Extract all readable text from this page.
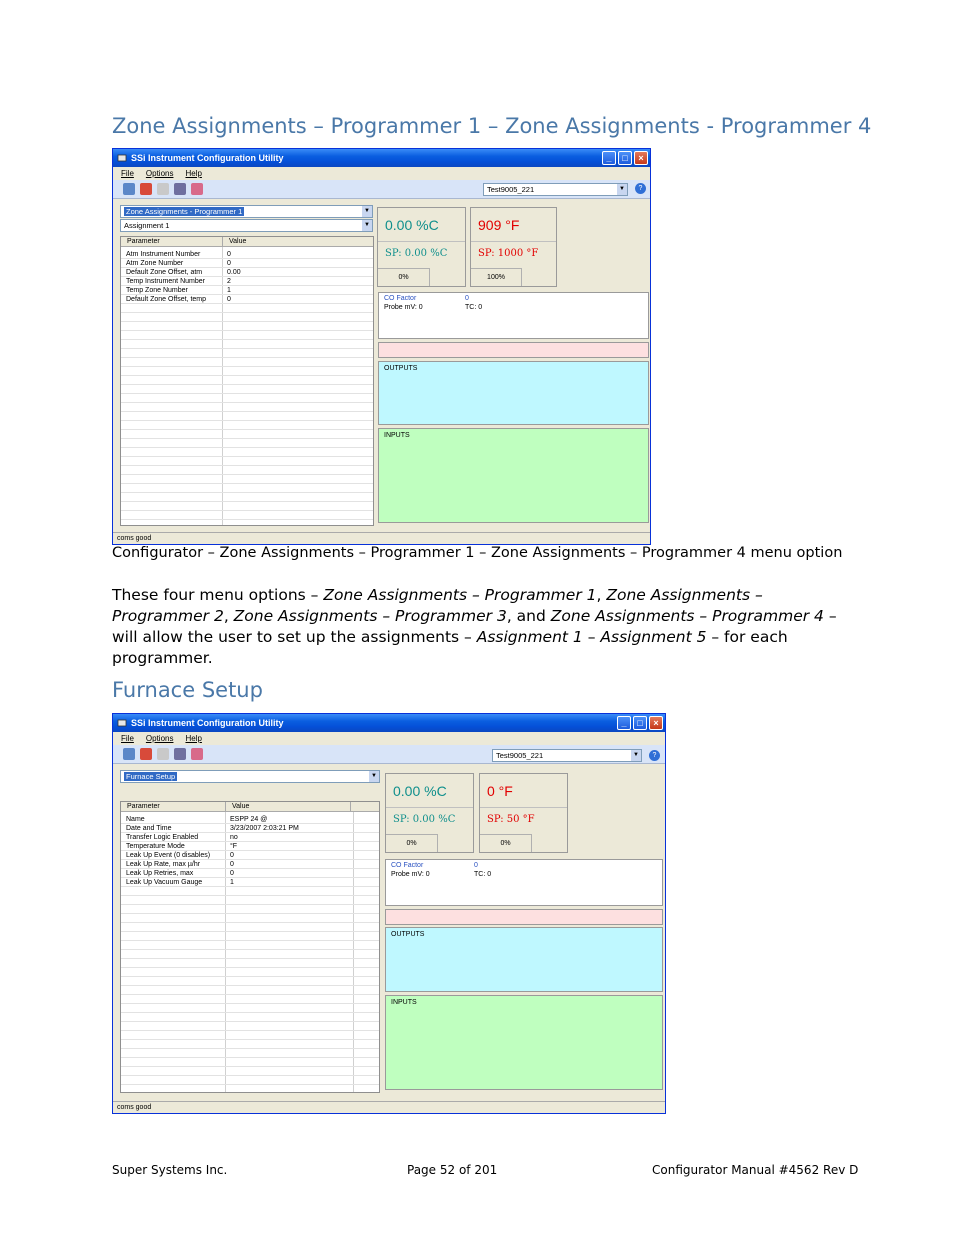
Zone Assignments – Programmer 1 – Zone Assignments - Programmer 4
SSi Instrument Configuration Utility	_	□	×
File Options Help
Test9005_221	▼	?
Zone Assignments - Programmer 1	▼
Assignment 1	▼
Parameter	Value
Atm Instrument Number	0
Atm Zone Number	0
Default Zone Offset, atm	0.00
Temp Instrument Number	2
Temp Zone Number	1
Default Zone Offset, temp	0
0.00 %C
SP: 0.00 %C
0%
909 °F
SP: 1000 °F
100%
CO Factor	0
Probe mV: 0	TC: 0
OUTPUTS
INPUTS
coms good
Configurator – Zone Assignments – Programmer 1 – Zone Assignments – Programmer 4 menu option
These four menu options – Zone Assignments – Programmer 1, Zone Assignments – Programmer 2, Zone Assignments – Programmer 3, and Zone Assignments – Programmer 4 – will allow the user to set up the assignments – Assignment 1 – Assignment 5 – for each programmer.
Furnace Setup
SSi Instrument Configuration Utility	_	□	×
File Options Help
Test9005_221	▼	?
Furnace Setup	▼
Parameter	Value
Name	ESPP 24 @
Date and Time	3/23/2007 2:03:21 PM
Transfer Logic Enabled	no
Temperature Mode	°F
Leak Up Event (0 disables)	0
Leak Up Rate, max µ/hr	0
Leak Up Retries, max	0
Leak Up Vacuum Gauge	1
0.00 %C
SP: 0.00 %C
0%
0 °F
SP: 50 °F
0%
CO Factor	0
Probe mV: 0	TC: 0
OUTPUTS
INPUTS
coms good
Super Systems Inc.	Page 52 of 201	Configurator Manual #4562 Rev D
